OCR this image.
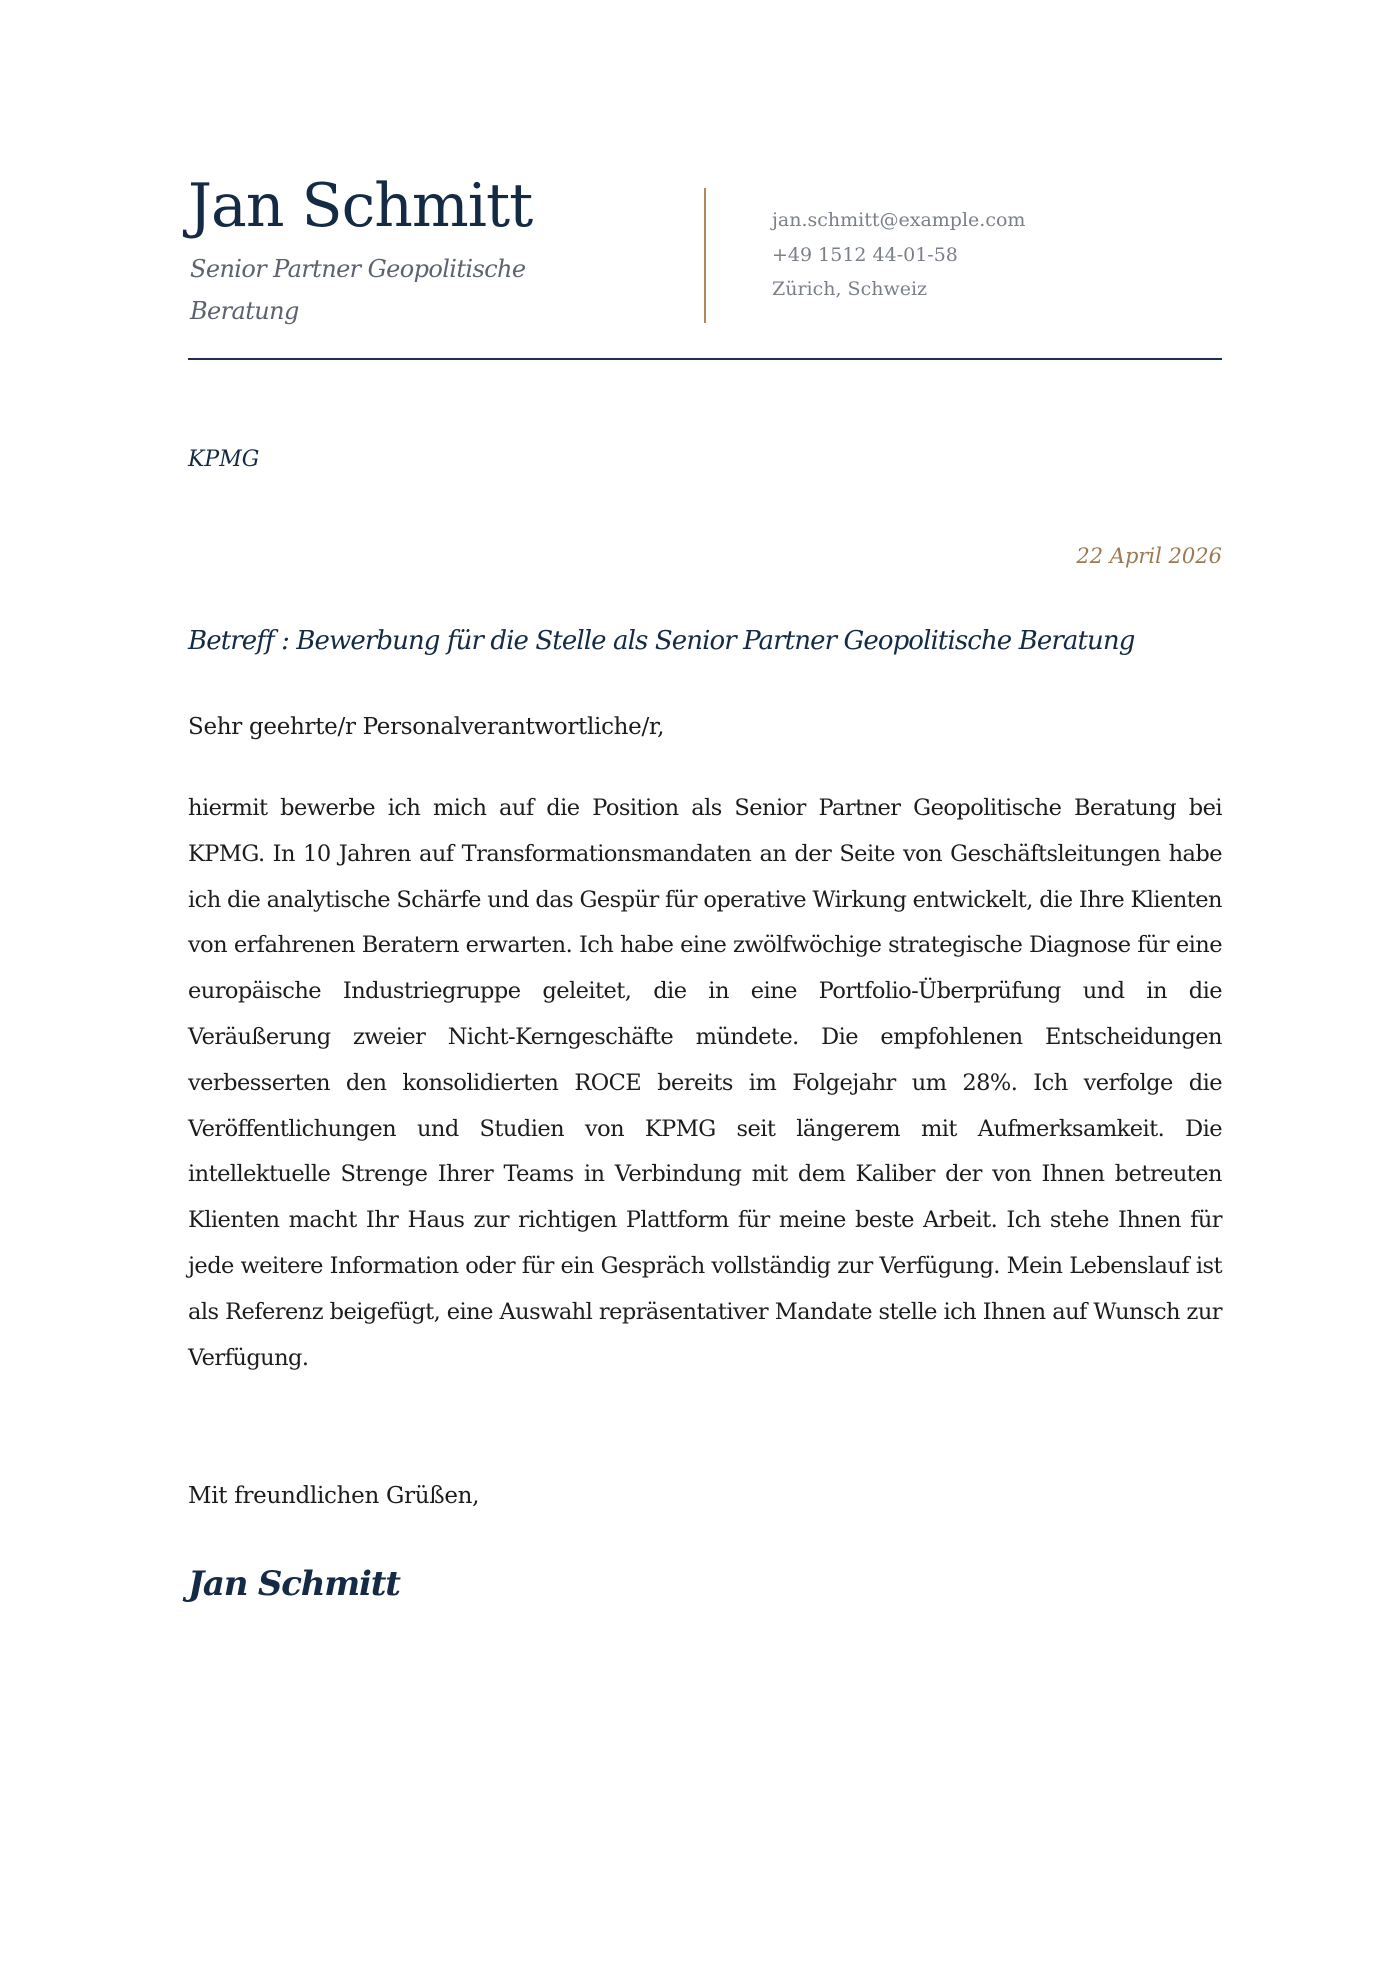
Jan Schmitt
Senior Partner Geopolitische Beratung
jan.schmitt@example.com
+49 1512 44-01-58
Zürich, Schweiz
KPMG
22 April 2026
Betreff : Bewerbung für die Stelle als Senior Partner Geopolitische Beratung
Sehr geehrte/r Personalverantwortliche/r,
hiermit bewerbe ich mich auf die Position als Senior Partner Geopolitische Beratung bei KPMG. In 10 Jahren auf Transformationsmandaten an der Seite von Geschäftsleitungen habe ich die analytische Schärfe und das Gespür für operative Wirkung entwickelt, die Ihre Klienten von erfahrenen Beratern erwarten. Ich habe eine zwölfwöchige strategische Diagnose für eine europäische Industriegruppe geleitet, die in eine Portfolio-Überprüfung und in die Veräußerung zweier Nicht-Kerngeschäfte mündete. Die empfohlenen Entscheidungen verbesserten den konsolidierten ROCE bereits im Folgejahr um 28%. Ich verfolge die Veröffentlichungen und Studien von KPMG seit längerem mit Aufmerksamkeit. Die intellektuelle Strenge Ihrer Teams in Verbindung mit dem Kaliber der von Ihnen betreuten Klienten macht Ihr Haus zur richtigen Plattform für meine beste Arbeit. Ich stehe Ihnen für jede weitere Information oder für ein Gespräch vollständig zur Verfügung. Mein Lebenslauf ist als Referenz beigefügt, eine Auswahl repräsentativer Mandate stelle ich Ihnen auf Wunsch zur Verfügung.
Mit freundlichen Grüßen,
Jan Schmitt
